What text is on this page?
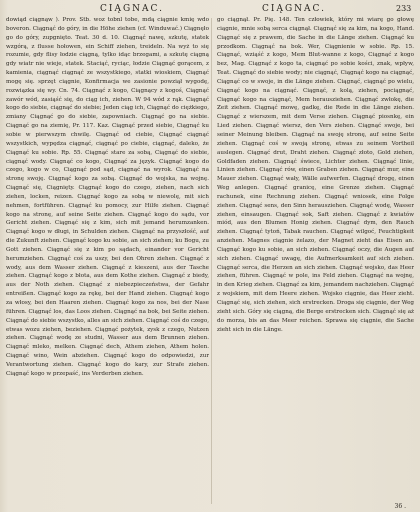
CIĄGNAC.	CIĄGNAC.	233

dowiąd ciągnąw ). Prov. Stb. woz tobnl tobe, mdą ciągnie kmię wdo boveron. Ciągnąć do góry, in die Höhe ziehen (cf. Winduwać.) Ciągnęło go do góry, zupgnięto. Teat. 30 d. 10. Ciągnąć nawę, szkutę, statek wzgórą, z flusse hołowen, ein Schiff ziehen, treideln. Na wyż to się rozumie, gdy flisy łodzie ciągną, tylko idąc brzegami, a szkutę ciągną gdy wiatr nie wieje, statek. Staciąć, ryciąc, łodzie Ciągnąć gorącem, z kamienia, ciągnąć ciągnąć ze wszystkiego, statki wioskiem, Ciągnąć mogę się. sprzęt ciągnie, Konfirmacja we zasionie powziął wygodę, rozwiązka się wy. Cn. 74. Ciągnąć z kogo, Ciągnący z kogoś, Ciągnąć zawór wód, zasiąść się, do ciąg ich, ziehen. W 94 wód z rąk. Ciągnąć kogo do siebie, ciągnąć do siebie; Jeden ciąg ich, Ciągnąć do ciężkiego, zmiany Ciągnąć go do siebie, zapowniach. Ciągnąć go na siebie. Ciągnąć go na ziemię, Pr. 117. Kaz. Ciągnąć przed siebie, Ciągnąć ku sobie w pierwszym chwilę. Ciągnąć od ciebie, Ciągnąć ciągnąć wszystkich, wypędza ciągnąć, ciągnąć po ciebie, ciągnąć, daleko, że Ciągnąć ku sobie. Rp. 55. Ciągnąć stare za sobą, Ciągnąć do siebie, ciągnąć wody. Ciągnąć co kogo, Ciągnąć za język. Ciągnąć kogo do czego, kogo w co, Ciągnąć pod sąd, ciągnąć na wyrok. Ciągnąć na stronę swoję. Ciągnąć kogo za sobą. Ciągnąć do wojska, na wojnę. Ciągnąć się, Ciągnięty. Ciągnąć kogo do czego, ziehen, nach sich ziehen, locken, reizen. Ciągnąć kogo za sobą w niewolę, mit sich nehmen, fortführen. Ciągnąć ku pomocy, zur Hilfe ziehen. Ciągnąć kogo na stronę, auf seine Seite ziehen. Ciągnąć kogo do sądu, vor Gericht ziehen. Ciągnąć się z kim, sich mit jemand herumzanken. Ciągnąć kogo w długi, in Schulden ziehen. Ciągnąć na przyszłość, auf die Zukunft ziehen. Ciągnąć kogo ku sobie, an sich ziehen; ku Bogu, zu Gott ziehen. Ciągnąć się z kim po sądach, einander vor Gericht herumziehen. Ciągnąć coś za uszy, bei den Ohren ziehen. Ciągnąć z wody, aus dem Wasser ziehen. Ciągnąć z kieszeni, aus der Tasche ziehen. Ciągnąć kogo z błota, aus dem Kothe ziehen. Ciągnąć z biedy, aus der Noth ziehen. Ciągnąć z niebezpieczeństwa, der Gefahr entreißen. Ciągnąć kogo za rękę, bei der Hand ziehen. Ciągnąć kogo za włosy, bei den Haaren ziehen. Ciągnąć kogo za nos, bei der Nase führen. Ciągnąć los, das Loos ziehen. Ciągnąć na bok, bei Seite ziehen. Ciągnąć do siebie wszystko, alles an sich ziehen. Ciągnąć coś do czego, etwas wozu ziehen, beziehen. Ciągnąć pożytek, zysk z czego, Nutzen ziehen. Ciągnąć wodę ze studni, Wasser aus dem Brunnen ziehen. Ciągnąć mleko, melken. Ciągnąć dech, Athem ziehen, Athem holen. Ciągnąć wino, Wein abziehen. Ciągnąć kogo do odpowiedzi, zur Verantwortung ziehen. Ciągnąć kogo do kary, zur Strafe ziehen. Ciągnąć kogo w przepaść, ins Verderben ziehen.

go ciągnął. Pr. Pię. 148. Ten człowiek, który mi wiarę go głowę ciągnie, mnie sobą serca ciągnął. Ciągnąć się za kim, na kogo, Hand. Ciągnąć się z prawem, die Sache in die Länge ziehen. Ciągnąć ku przodkom. Ciągnąć na bok. Wer, Ciągnienie w sobie. Rp. 15. Ciągnąć, wziąść z kogo, Mem Blut-wanne z kogo, Ciągnąć z kogo bez, Mag. Ciągnąć z kogo ta, ciągnąć po sobie kości, znak, wpływ, Teat. Ciągnąć do siebie wody; nie ciągnąć, Ciągnąć kogo na ciągnąć, Ciągnąć co w swoje, in die Länge ziehen. Ciągnąć, ciągnąć po wielu, Ciągnąć kogo na ciągnąć. Ciągnąć, z kolą, ziehen, pociągnąć, Ciągnąć kogo na ciągnąć, Mem herausziehen. Ciągnąć zwłokę, die Zeit ziehen. Ciągnąć mowę, gadkę, die Rede in die Länge ziehen. Ciągnąć z wierszem, mit dem Verse ziehen. Ciągnąć piosnkę, ein Lied ziehen. Ciągnąć wiersz, den Vers ziehen. Ciągnąć swoje, bei seiner Meinung bleiben. Ciągnąć na swoję stronę, auf seine Seite ziehen. Ciągnąć coś w swoją stronę, etwas zu seinem Vortheil auslegen. Ciągnąć drut, Draht ziehen. Ciągnąć złoto, Gold ziehen, Goldfaden ziehen. Ciągnąć świece, Lichter ziehen. Ciągnąć linie, Linien ziehen. Ciągnąć rów, einen Graben ziehen. Ciągnąć mur, eine Mauer ziehen. Ciągnąć wały, Wälle aufwerfen. Ciągnąć drogę, einen Weg anlegen. Ciągnąć granicę, eine Grenze ziehen. Ciągnąć rachunek, eine Rechnung ziehen. Ciągnąć wniosek, eine Folge ziehen. Ciągnąć sens, den Sinn herausziehen. Ciągnąć wodę, Wasser ziehen, einsaugen. Ciągnąć sok, Saft ziehen. Ciągnąć z kwiatów miód, aus den Blumen Honig ziehen. Ciągnąć dym, den Rauch ziehen. Ciągnąć tytoń, Tabak rauchen. Ciągnąć wilgoć, Feuchtigkeit anziehen. Magnes ciągnie żelazo, der Magnet zieht das Eisen an. Ciągnąć kogo ku sobie, an sich ziehen. Ciągnąć oczy, die Augen auf sich ziehen. Ciągnąć uwagę, die Aufmerksamkeit auf sich ziehen. Ciągnąć serca, die Herzen an sich ziehen. Ciągnąć wojsko, das Heer ziehen, führen. Ciągnąć w pole, ins Feld ziehen. Ciągnąć na wojnę, in den Krieg ziehen. Ciągnąć za kim, jemandem nachziehen. Ciągnąć z wojskiem, mit dem Heere ziehen. Wojsko ciągnie, das Heer zieht. Ciągnąć się, sich ziehen, sich erstrecken. Droga się ciągnie, der Weg zieht sich. Góry się ciągną, die Berge erstrecken sich. Ciągnąć się aż do morza, bis an das Meer reichen. Sprawa się ciągnie, die Sache zieht sich in die Länge.

36 .
